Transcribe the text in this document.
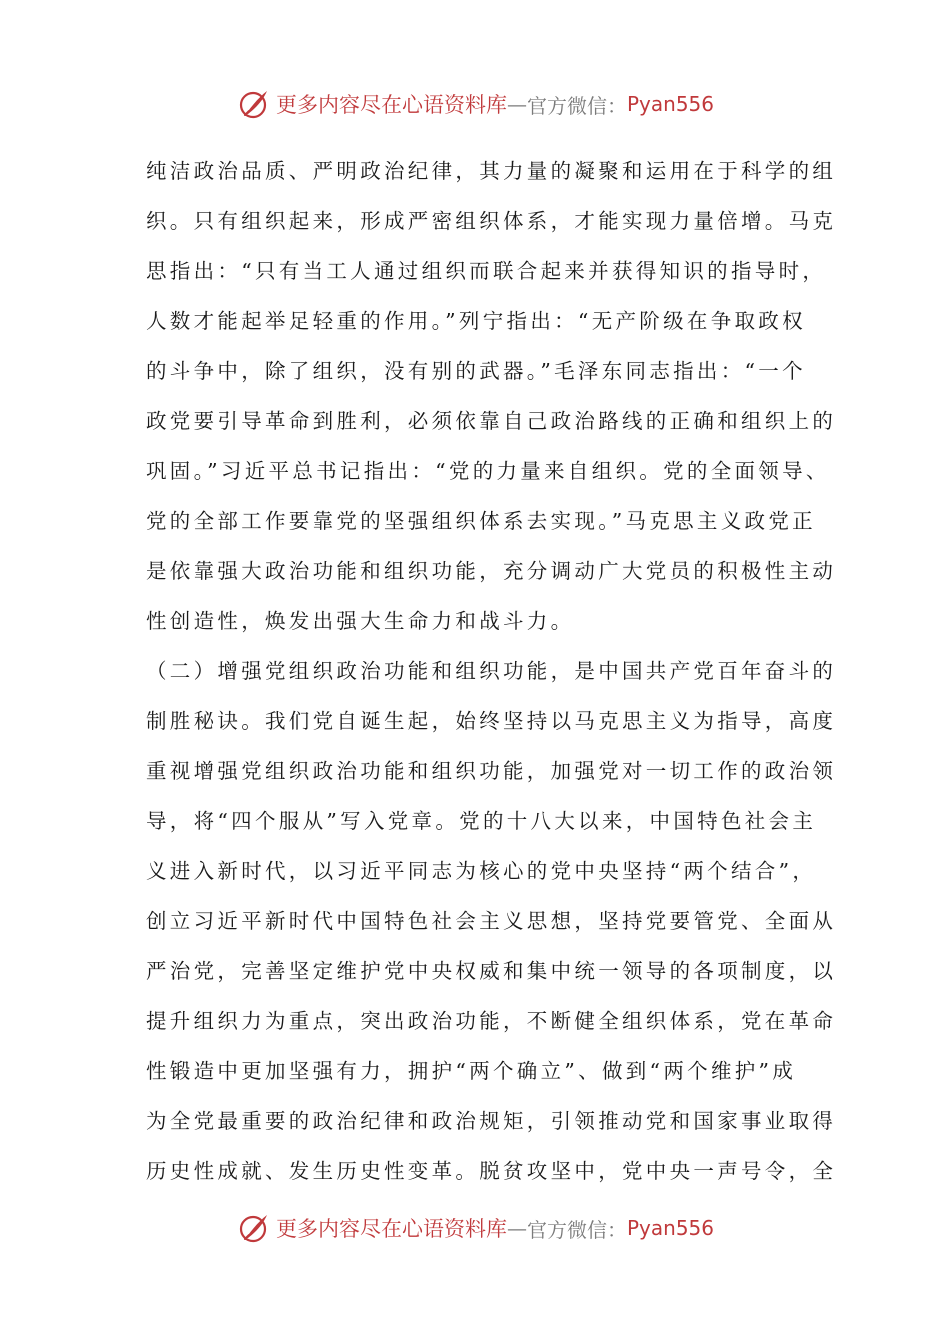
更多内容尽在心语资料库 — 官方微信： Pyan556
纯洁政治品质、严明政治纪律，其力量的凝聚和运用在于科学的组
织。只有组织起来，形成严密组织体系，才能实现力量倍增。马克
思指出：“只有当工人通过组织而联合起来并获得知识的指导时，
人数才能起举足轻重的作用。”列宁指出：“无产阶级在争取政权
的斗争中，除了组织，没有别的武器。”毛泽东同志指出：“一个
政党要引导革命到胜利，必须依靠自己政治路线的正确和组织上的
巩固。”习近平总书记指出：“党的力量来自组织。党的全面领导、
党的全部工作要靠党的坚强组织体系去实现。”马克思主义政党正
是依靠强大政治功能和组织功能，充分调动广大党员的积极性主动
性创造性，焕发出强大生命力和战斗力。
（二）增强党组织政治功能和组织功能，是中国共产党百年奋斗的
制胜秘诀。我们党自诞生起，始终坚持以马克思主义为指导，高度
重视增强党组织政治功能和组织功能，加强党对一切工作的政治领
导，将“四个服从”写入党章。党的十八大以来，中国特色社会主
义进入新时代，以习近平同志为核心的党中央坚持“两个结合”，
创立习近平新时代中国特色社会主义思想，坚持党要管党、全面从
严治党，完善坚定维护党中央权威和集中统一领导的各项制度，以
提升组织力为重点，突出政治功能，不断健全组织体系，党在革命
性锻造中更加坚强有力，拥护“两个确立”、做到“两个维护”成
为全党最重要的政治纪律和政治规矩，引领推动党和国家事业取得
历史性成就、发生历史性变革。脱贫攻坚中，党中央一声号令，全
更多内容尽在心语资料库 — 官方微信： Pyan556
